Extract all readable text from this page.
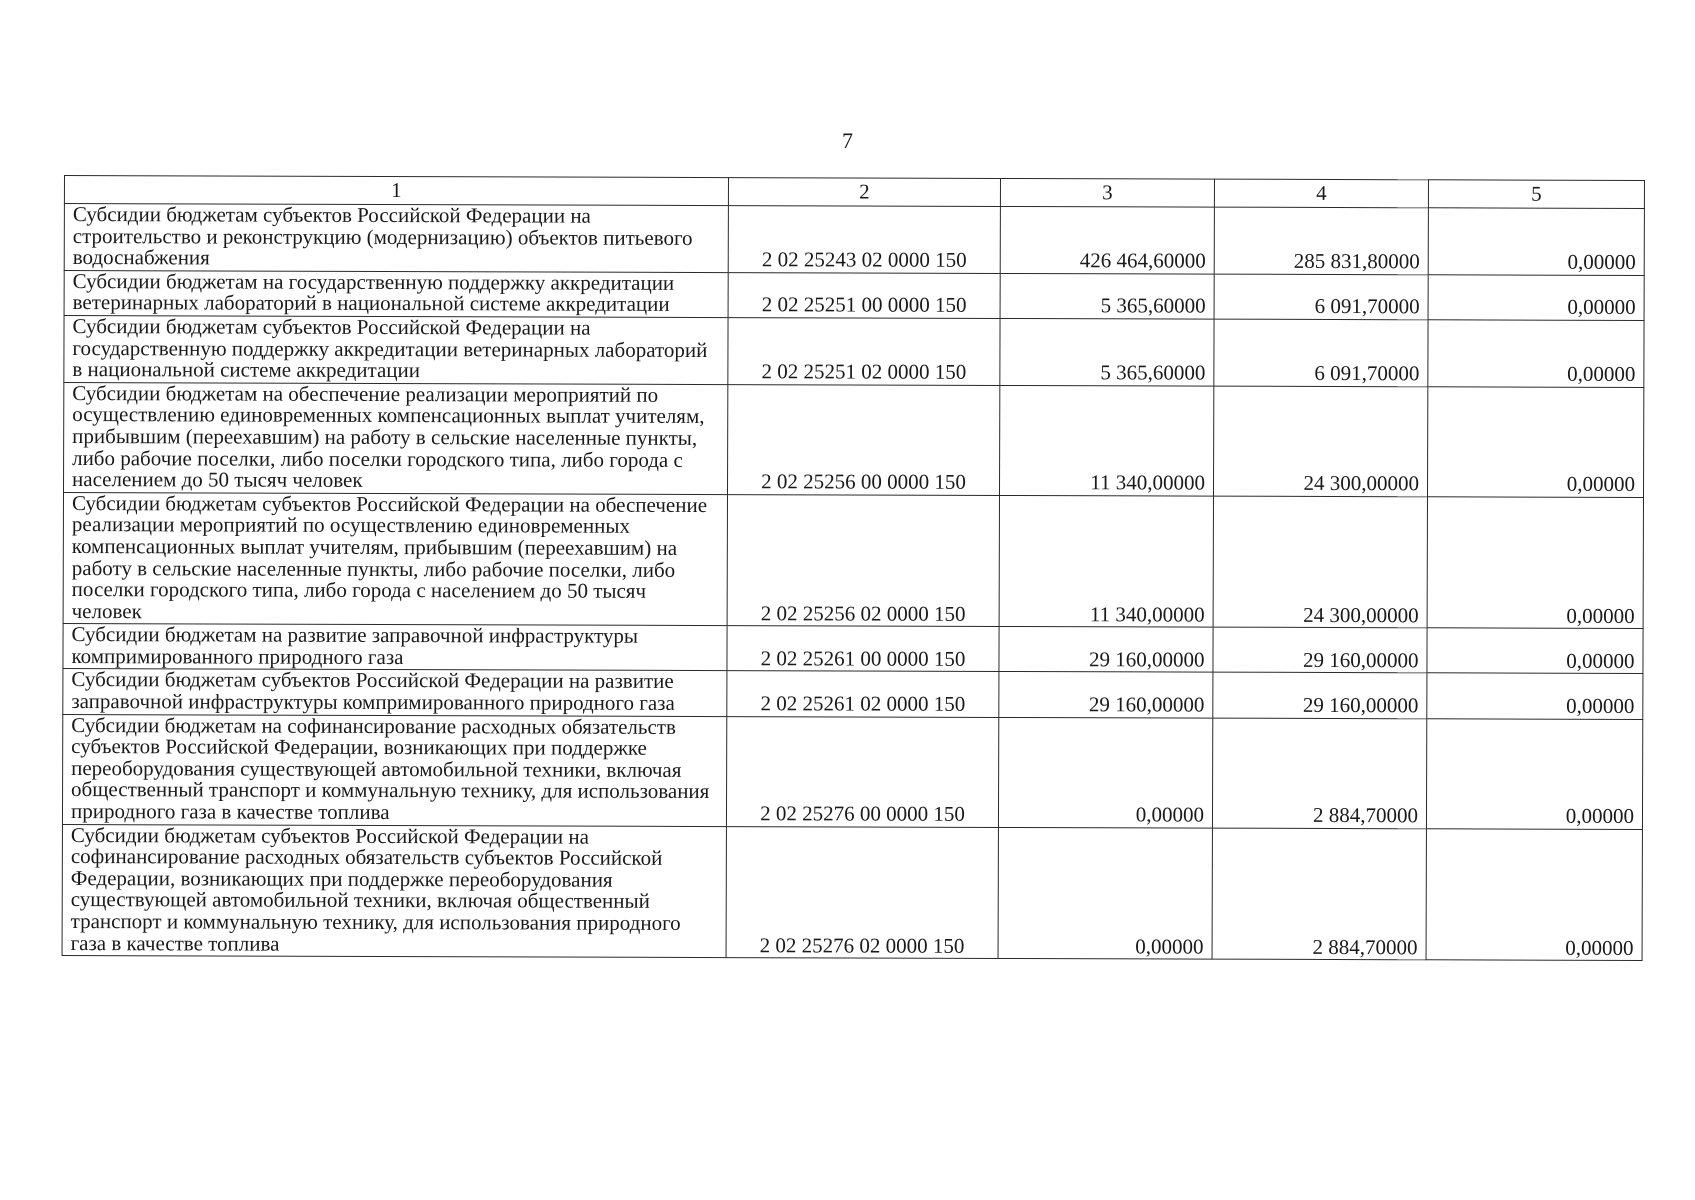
7
1	2	3	4	5
Субсидии бюджетам субъектов Российской Федерации на строительство и реконструкцию (модернизацию) объектов питьевого водоснабжения	2 02 25243 02 0000 150	426 464,60000	285 831,80000	0,00000
Субсидии бюджетам на государственную поддержку аккредитации ветеринарных лабораторий в национальной системе аккредитации	2 02 25251 00 0000 150	5 365,60000	6 091,70000	0,00000
Субсидии бюджетам субъектов Российской Федерации на государственную поддержку аккредитации ветеринарных лабораторий в национальной системе аккредитации	2 02 25251 02 0000 150	5 365,60000	6 091,70000	0,00000
Субсидии бюджетам на обеспечение реализации мероприятий по осуществлению единовременных компенсационных выплат учителям, прибывшим (переехавшим) на работу в сельские населенные пункты, либо рабочие поселки, либо поселки городского типа, либо города с населением до 50 тысяч человек	2 02 25256 00 0000 150	11 340,00000	24 300,00000	0,00000
Субсидии бюджетам субъектов Российской Федерации на обеспечение реализации мероприятий по осуществлению единовременных компенсационных выплат учителям, прибывшим (переехавшим) на работу в сельские населенные пункты, либо рабочие поселки, либо поселки городского типа, либо города с населением до 50 тысяч человек	2 02 25256 02 0000 150	11 340,00000	24 300,00000	0,00000
Субсидии бюджетам на развитие заправочной инфраструктуры компримированного природного газа	2 02 25261 00 0000 150	29 160,00000	29 160,00000	0,00000
Субсидии бюджетам субъектов Российской Федерации на развитие заправочной инфраструктуры компримированного природного газа	2 02 25261 02 0000 150	29 160,00000	29 160,00000	0,00000
Субсидии бюджетам на софинансирование расходных обязательств субъектов Российской Федерации, возникающих при поддержке переоборудования существующей автомобильной техники, включая общественный транспорт и коммунальную технику, для использования природного газа в качестве топлива	2 02 25276 00 0000 150	0,00000	2 884,70000	0,00000
Субсидии бюджетам субъектов Российской Федерации на софинансирование расходных обязательств субъектов Российской Федерации, возникающих при поддержке переоборудования существующей автомобильной техники, включая общественный транспорт и коммунальную технику, для использования природного газа в качестве топлива	2 02 25276 02 0000 150	0,00000	2 884,70000	0,00000
